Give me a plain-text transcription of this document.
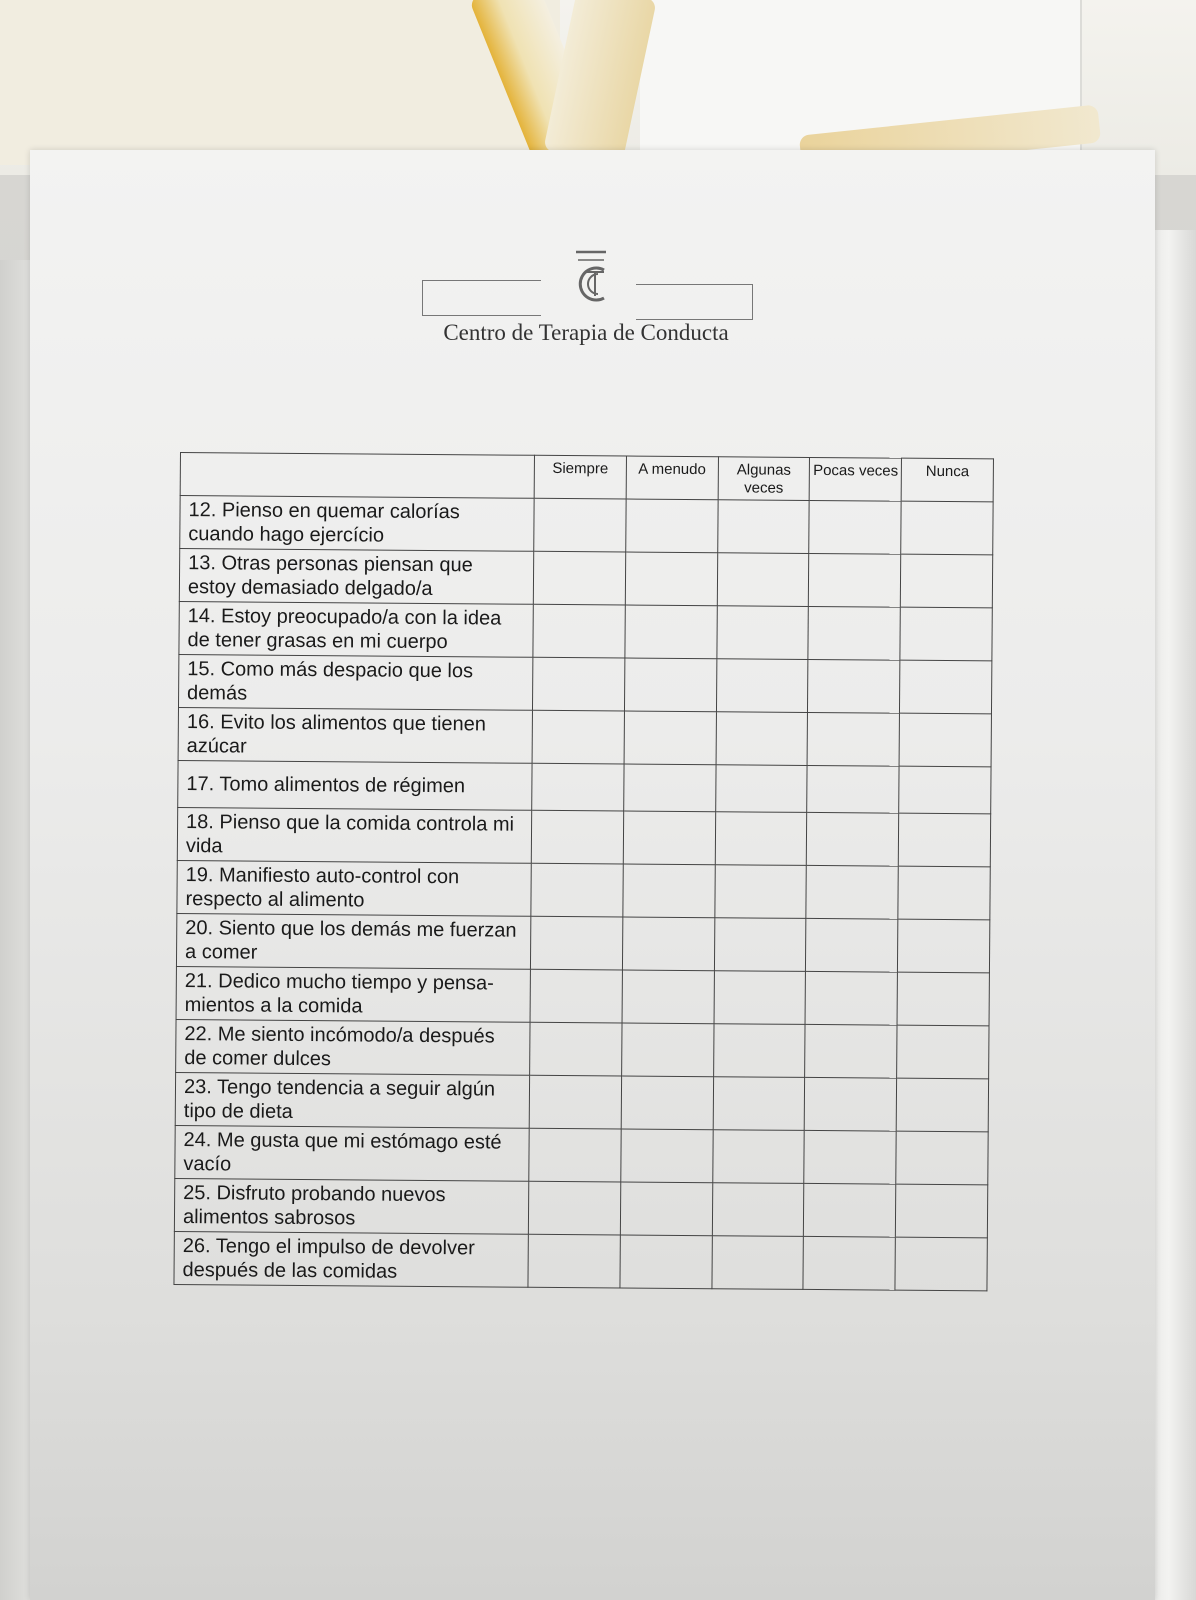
Centro de Terapia de Conducta
	Siempre	A menudo	Algunas veces	Pocas veces	Nunca
12. Pienso en quemar calorías cuando hago ejercício					
13. Otras personas piensan que estoy demasiado delgado/a					
14. Estoy preocupado/a con la idea de tener grasas en mi cuerpo					
15. Como más despacio que los demás					
16. Evito los alimentos que tienen azúcar					
17. Tomo alimentos de régimen					
18. Pienso que la comida controla mi vida					
19. Manifiesto auto-control con respecto al alimento					
20. Siento que los demás me fuerzan a comer					
21. Dedico mucho tiempo y pensa-mientos a la comida					
22. Me siento incómodo/a después de comer dulces					
23. Tengo tendencia a seguir algún tipo de dieta					
24. Me gusta que mi estómago esté vacío					
25. Disfruto probando nuevos alimentos sabrosos					
26. Tengo el impulso de devolver después de las comidas					
